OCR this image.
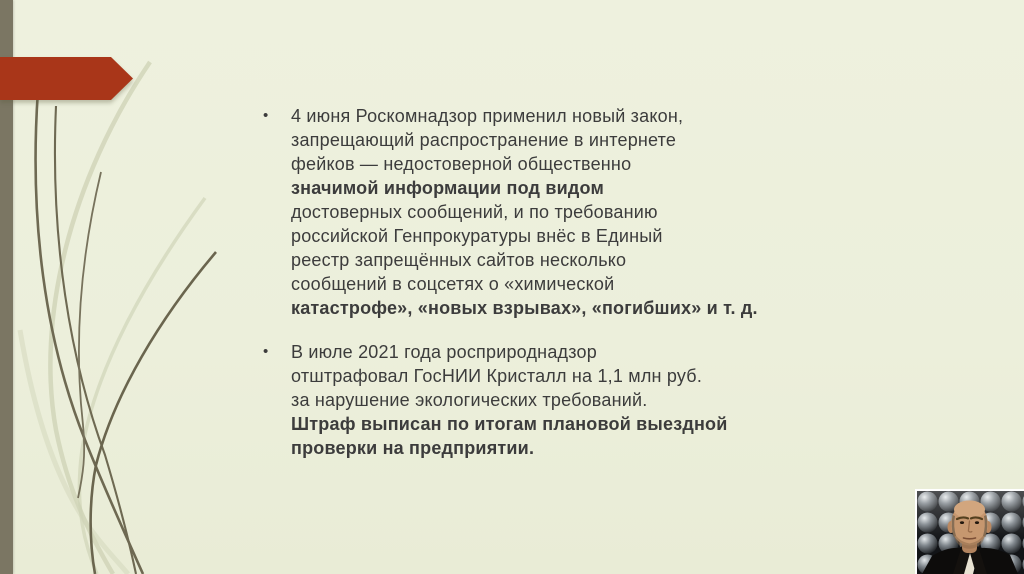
•	4 июня Роскомнадзор применил новый закон,
запрещающий распространение в интернете
фейков — недостоверной общественно
значимой информации под видом
достоверных сообщений, и по требованию
российской Генпрокуратуры внёс в Единый
реестр запрещённых сайтов несколько
сообщений в соцсетях о «химической
катастрофе», «новых взрывах», «погибших» и т. д.

•	В июле 2021 года росприроднадзор
отштрафовал ГосНИИ Кристалл на 1,1 млн руб.
за нарушение экологических требований.
Штраф выписан по итогам плановой выездной
проверки на предприятии.
